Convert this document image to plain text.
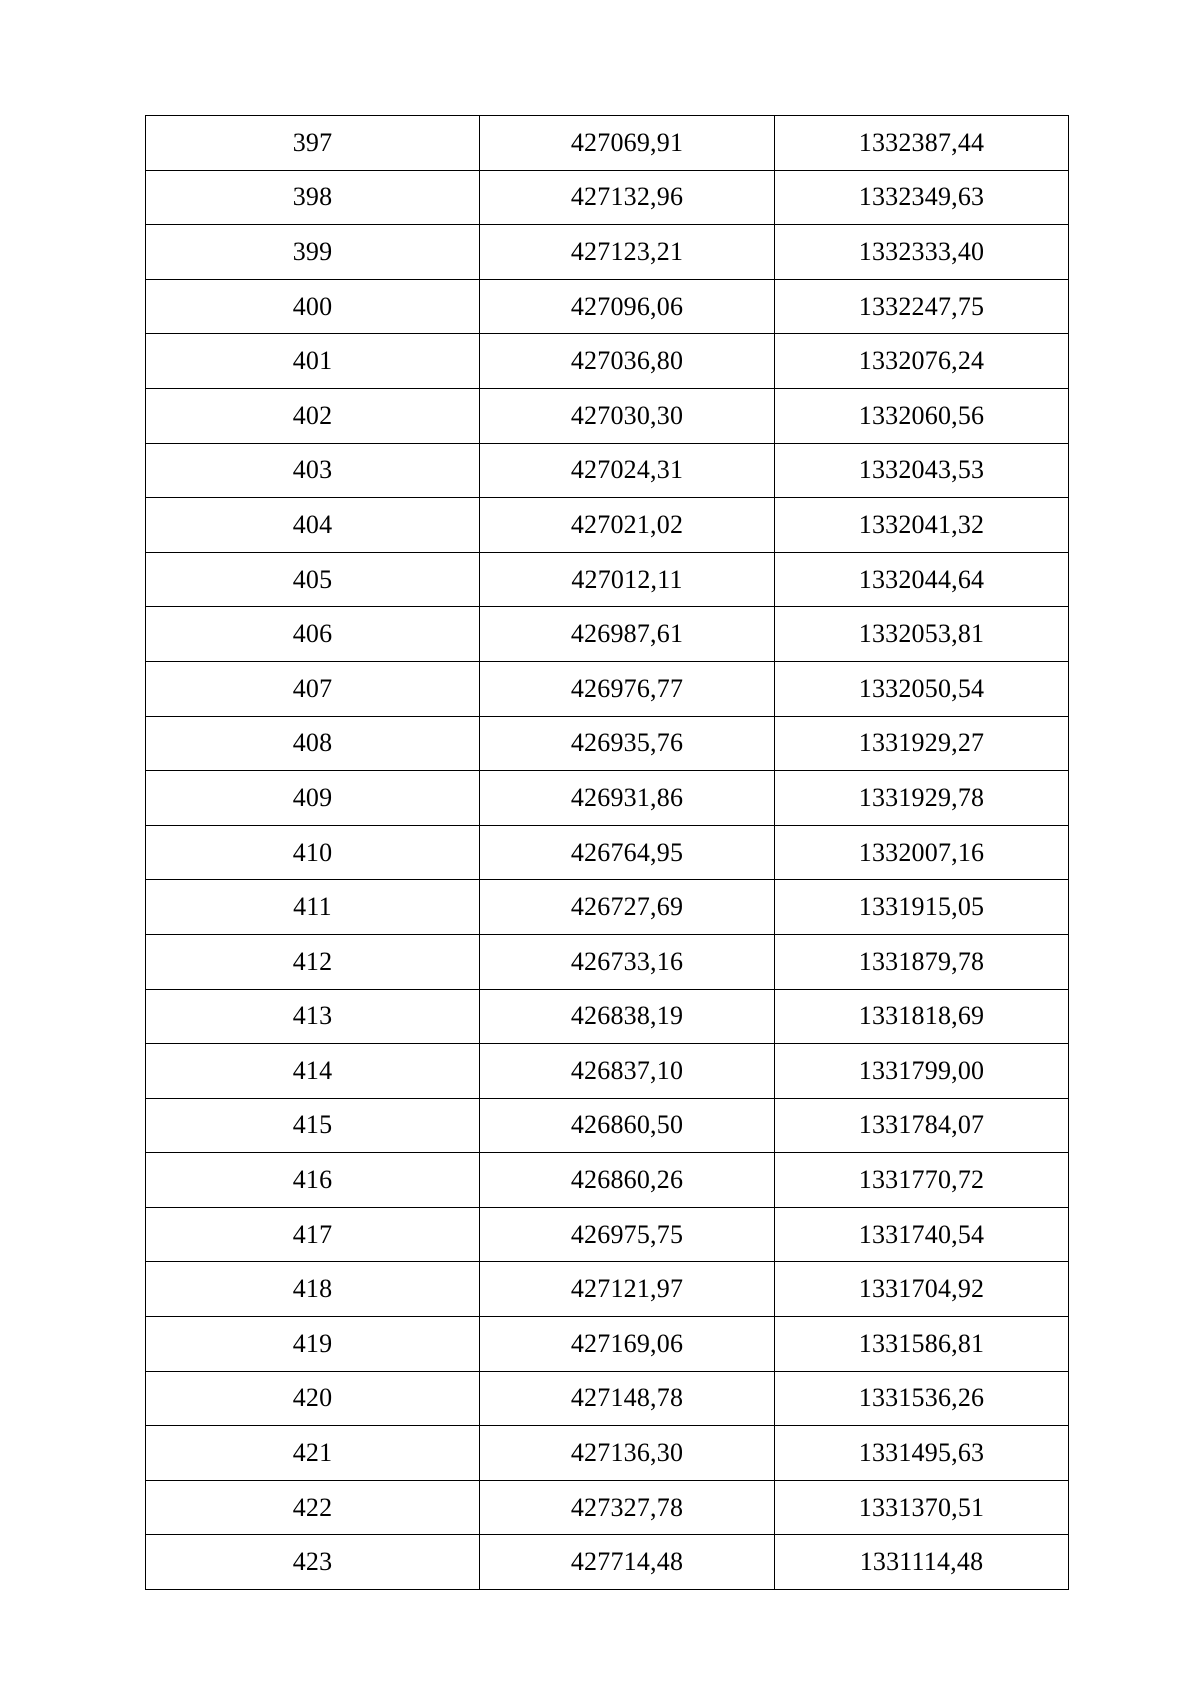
397	427069,91	1332387,44
398	427132,96	1332349,63
399	427123,21	1332333,40
400	427096,06	1332247,75
401	427036,80	1332076,24
402	427030,30	1332060,56
403	427024,31	1332043,53
404	427021,02	1332041,32
405	427012,11	1332044,64
406	426987,61	1332053,81
407	426976,77	1332050,54
408	426935,76	1331929,27
409	426931,86	1331929,78
410	426764,95	1332007,16
411	426727,69	1331915,05
412	426733,16	1331879,78
413	426838,19	1331818,69
414	426837,10	1331799,00
415	426860,50	1331784,07
416	426860,26	1331770,72
417	426975,75	1331740,54
418	427121,97	1331704,92
419	427169,06	1331586,81
420	427148,78	1331536,26
421	427136,30	1331495,63
422	427327,78	1331370,51
423	427714,48	1331114,48
